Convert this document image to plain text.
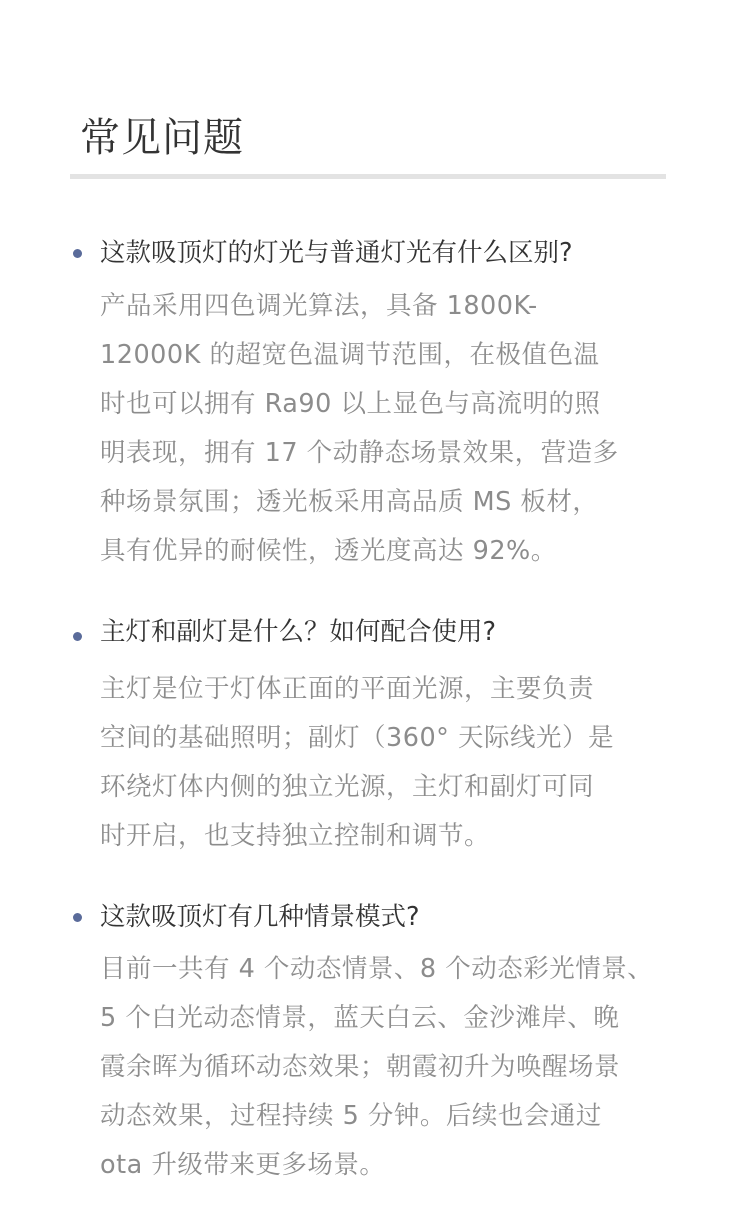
常见问题
这款吸顶灯的灯光与普通灯光有什么区别?
产品采用四色调光算法，具备 1800K-
12000K 的超宽色温调节范围，在极值色温
时也可以拥有 Ra90 以上显色与高流明的照
明表现，拥有 17 个动静态场景效果，营造多
种场景氛围；透光板采用高品质 MS 板材，
具有优异的耐候性，透光度高达 92%。
主灯和副灯是什么？如何配合使用?
主灯是位于灯体正面的平面光源，主要负责
空间的基础照明；副灯（360° 天际线光）是
环绕灯体内侧的独立光源，主灯和副灯可同
时开启，也支持独立控制和调节。
这款吸顶灯有几种情景模式?
目前一共有 4 个动态情景、8 个动态彩光情景、
5 个白光动态情景，蓝天白云、金沙滩岸、晚
霞余晖为循环动态效果；朝霞初升为唤醒场景
动态效果，过程持续 5 分钟。后续也会通过
ota 升级带来更多场景。
